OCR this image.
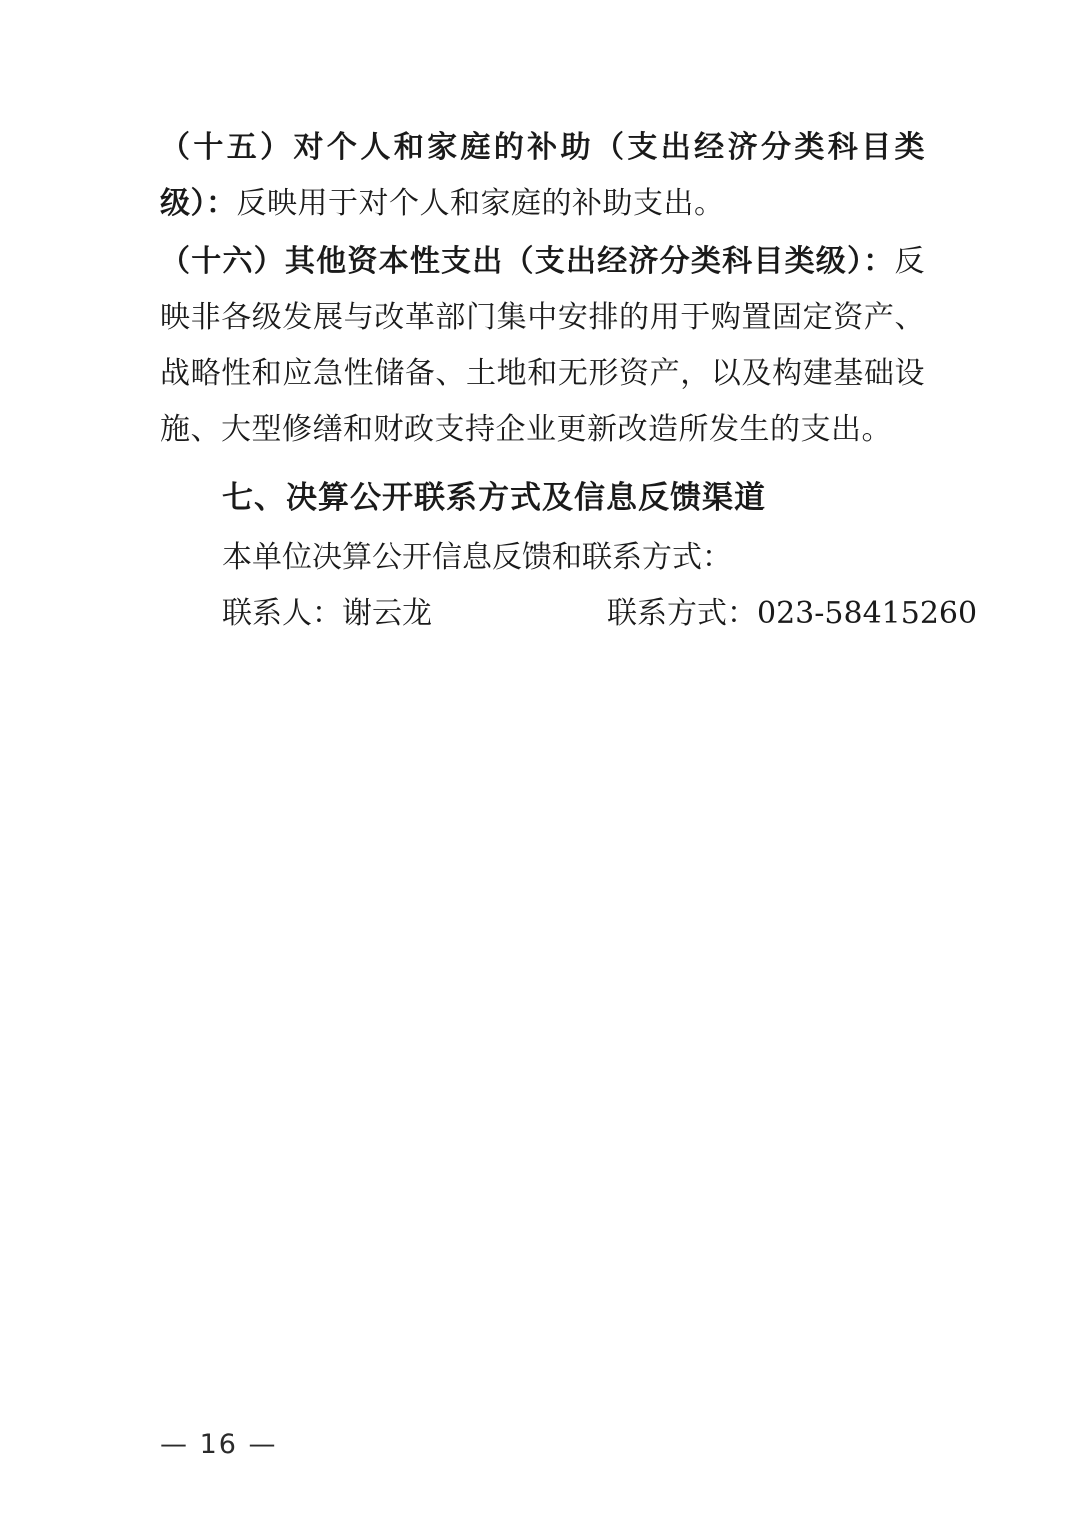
（十五）对个人和家庭的补助（支出经济分类科目类级）：反映用于对个人和家庭的补助支出。

（十六）其他资本性支出（支出经济分类科目类级）：反映非各级发展与改革部门集中安排的用于购置固定资产、战略性和应急性储备、土地和无形资产，以及构建基础设施、大型修缮和财政支持企业更新改造所发生的支出。

七、决算公开联系方式及信息反馈渠道

本单位决算公开信息反馈和联系方式：

联系人：谢云龙	联系方式：023-58415260

— 16 —
